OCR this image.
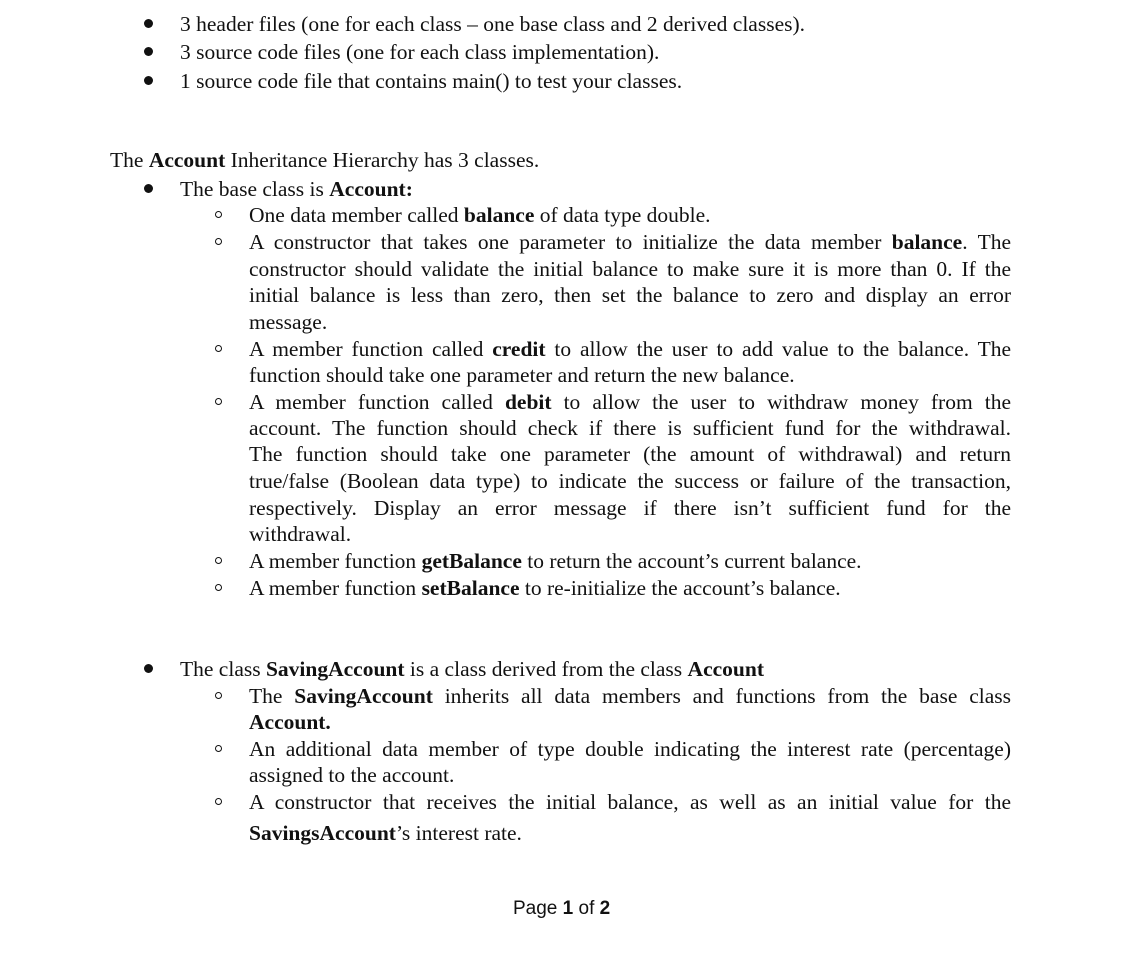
3 header files (one for each class – one base class and 2 derived classes).
3 source code files (one for each class implementation).
1 source code file that contains main() to test your classes.
The Account Inheritance Hierarchy has 3 classes.
The base class is Account:
One data member called balance of data type double.
A constructor that takes one parameter to initialize the data member balance. The
constructor should validate the initial balance to make sure it is more than 0. If the
initial balance is less than zero, then set the balance to zero and display an error
message.
A member function called credit to allow the user to add value to the balance. The
function should take one parameter and return the new balance.
A member function called debit to allow the user to withdraw money from the
account. The function should check if there is sufficient fund for the withdrawal.
The function should take one parameter (the amount of withdrawal) and return
true/false (Boolean data type) to indicate the success or failure of the transaction,
respectively. Display an error message if there isn’t sufficient fund for the
withdrawal.
A member function getBalance to return the account’s current balance.
A member function setBalance to re-initialize the account’s balance.
The class SavingAccount is a class derived from the class Account
The SavingAccount inherits all data members and functions from the base class
Account.
An additional data member of type double indicating the interest rate (percentage)
assigned to the account.
A constructor that receives the initial balance, as well as an initial value for the
SavingsAccount’s interest rate.
Page 1 of 2
